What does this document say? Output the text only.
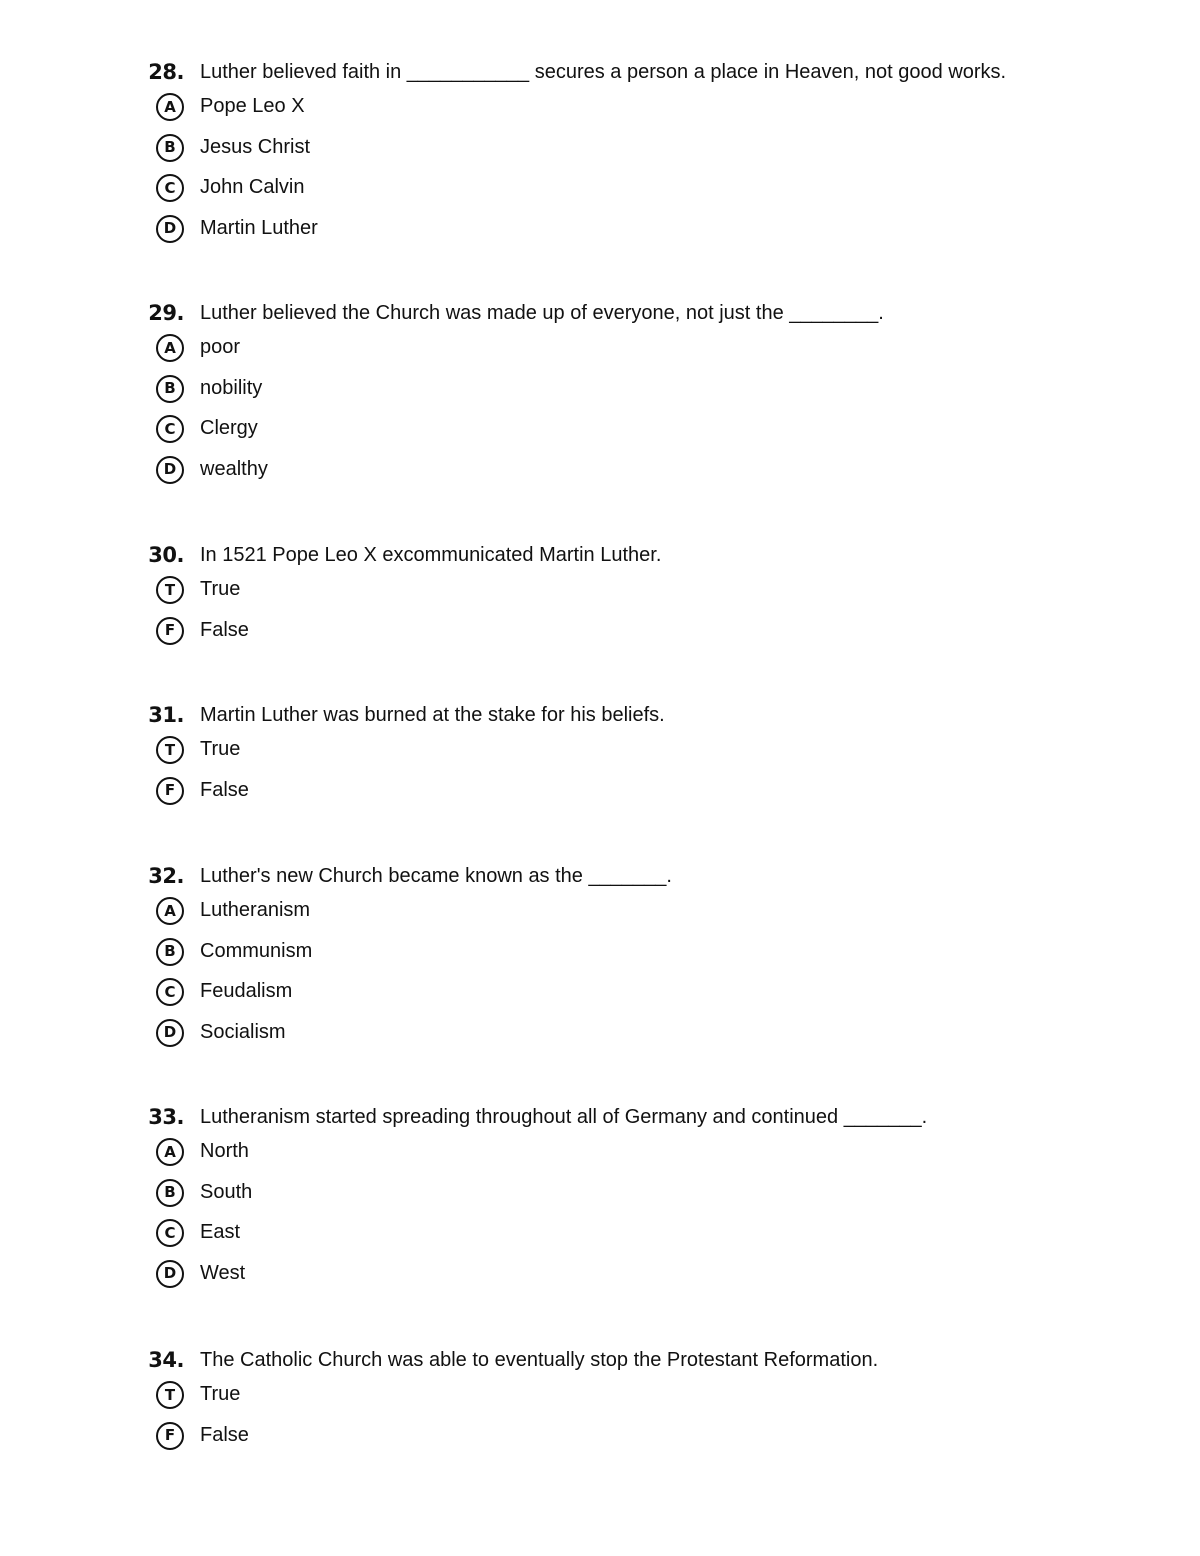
28. Luther believed faith in ___________ secures a person a place in Heaven, not good works.
A	Pope Leo X
B	Jesus Christ
C	John Calvin
D	Martin Luther
29. Luther believed the Church was made up of everyone, not just the ________.
A	poor
B	nobility
C	Clergy
D	wealthy
30. In 1521 Pope Leo X excommunicated Martin Luther.
T	True
F	False
31. Martin Luther was burned at the stake for his beliefs.
T	True
F	False
32. Luther's new Church became known as the _______.
A	Lutheranism
B	Communism
C	Feudalism
D	Socialism
33. Lutheranism started spreading throughout all of Germany and continued _______.
A	North
B	South
C	East
D	West
34. The Catholic Church was able to eventually stop the Protestant Reformation.
T	True
F	False
